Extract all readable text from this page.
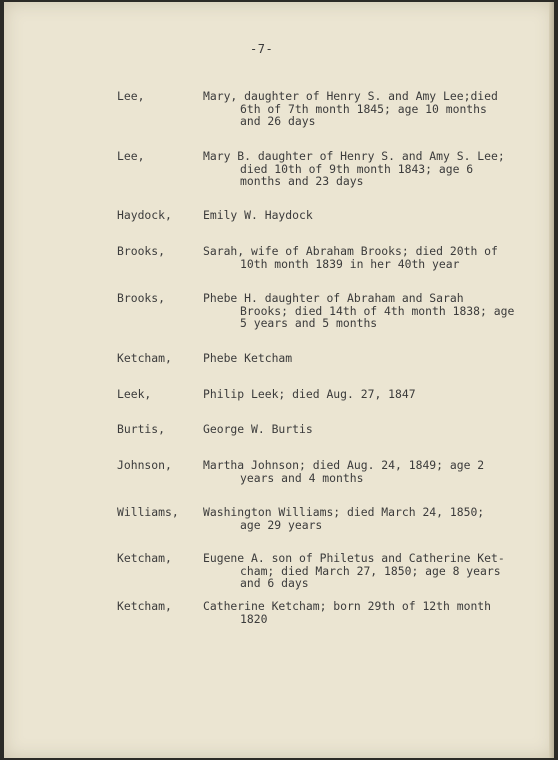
-7-
Lee,	Mary, daughter of Henry S. and Amy Lee;died
6th of 7th month 1845; age 10 months
and 26 days
Lee,	Mary B. daughter of Henry S. and Amy S. Lee;
died 10th of 9th month 1843; age 6
months and 23 days
Haydock,	Emily W. Haydock
Brooks,	Sarah, wife of Abraham Brooks; died 20th of
10th month 1839 in her 40th year
Brooks,	Phebe H. daughter of Abraham and Sarah
Brooks; died 14th of 4th month 1838; age
5 years and 5 months
Ketcham,	Phebe Ketcham
Leek,	Philip Leek; died Aug. 27, 1847
Burtis,	George W. Burtis
Johnson,	Martha Johnson; died Aug. 24, 1849; age 2
years and 4 months
Williams, Washington Williams; died March 24, 1850;
age 29 years
Ketcham,	Eugene A. son of Philetus and Catherine Ket-
cham; died March 27, 1850; age 8 years
and 6 days
Ketcham,	Catherine Ketcham; born 29th of 12th month
1820
